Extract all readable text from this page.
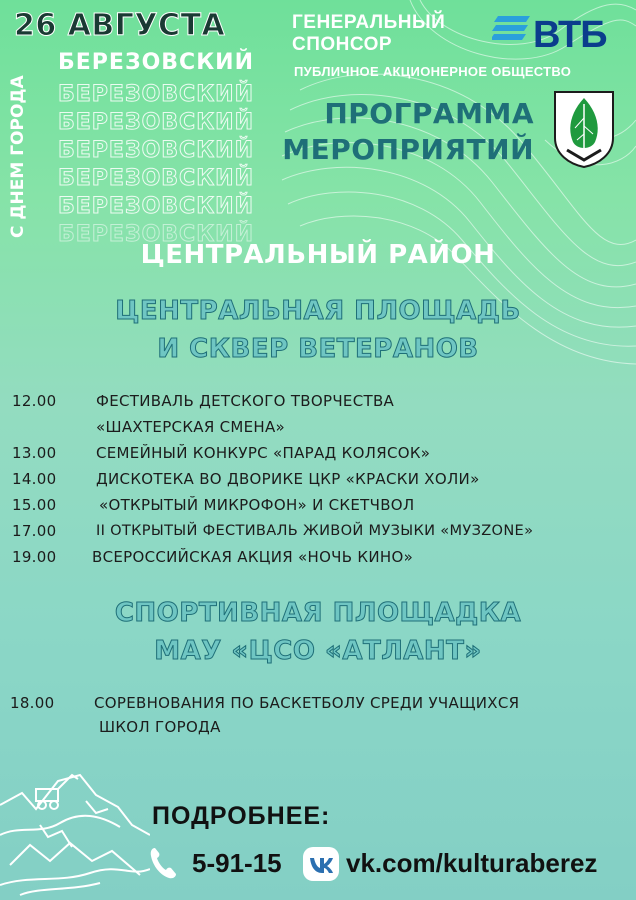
26 АВГУСТА
БЕРЕЗОВСКИЙ
БЕРЕЗОВСКИЙ
БЕРЕЗОВСКИЙ
БЕРЕЗОВСКИЙ
БЕРЕЗОВСКИЙ
БЕРЕЗОВСКИЙ
БЕРЕЗОВСКИЙ
С ДНЕМ ГОРОДА
ГЕНЕРАЛЬНЫЙ
СПОНСОР
ПУБЛИЧНОЕ АКЦИОНЕРНОЕ ОБЩЕСТВО
ВТБ
ПРОГРАММА
МЕРОПРИЯТИЙ
ЦЕНТРАЛЬНЫЙ РАЙОН
ЦЕНТРАЛЬНАЯ ПЛОЩАДЬ
И СКВЕР ВЕТЕРАНОВ
12.00	ФЕСТИВАЛЬ ДЕТСКОГО ТВОРЧЕСТВА
«ШАХТЕРСКАЯ СМЕНА»
13.00	СЕМЕЙНЫЙ КОНКУРС «ПАРАД КОЛЯСОК»
14.00	ДИСКОТЕКА ВО ДВОРИКЕ ЦКР «КРАСКИ ХОЛИ»
15.00	«ОТКРЫТЫЙ МИКРОФОН» И СКЕТЧВОЛ
17.00	II ОТКРЫТЫЙ ФЕСТИВАЛЬ ЖИВОЙ МУЗЫКИ «МУЗZONE»
19.00 ВСЕРОССИЙСКАЯ АКЦИЯ «НОЧЬ КИНО»
СПОРТИВНАЯ ПЛОЩАДКА
МАУ «ЦСО «АТЛАНТ»
18.00	СОРЕВНОВАНИЯ ПО БАСКЕТБОЛУ СРЕДИ УЧАЩИХСЯ
ШКОЛ ГОРОДА
ПОДРОБНЕЕ:
5-91-15 vk.com/kulturaberez
